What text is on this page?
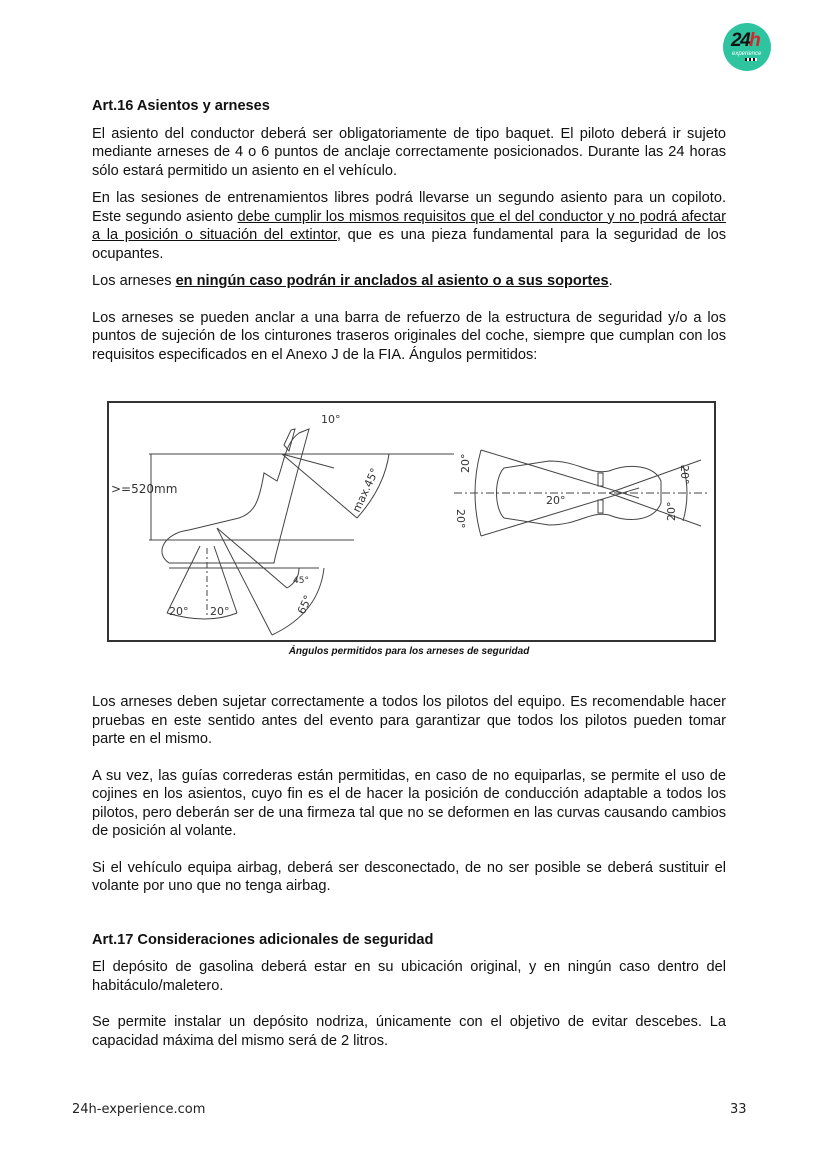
24h
experience
Art.16 Asientos y arneses

El asiento del conductor deberá ser obligatoriamente de tipo baquet. El piloto deberá ir sujeto mediante arneses de 4 o 6 puntos de anclaje correctamente posicionados. Durante las 24 horas sólo estará permitido un asiento en el vehículo.

En las sesiones de entrenamientos libres podrá llevarse un segundo asiento para un copiloto. Este segundo asiento debe cumplir los mismos requisitos que el del conductor y no podrá afectar a la posición o situación del extintor, que es una pieza fundamental para la seguridad de los ocupantes.

Los arneses en ningún caso podrán ir anclados al asiento o a sus soportes.

Los arneses se pueden anclar a una barra de refuerzo de la estructura de seguridad y/o a los puntos de sujeción de los cinturones traseros originales del coche, siempre que cumplan con los requisitos especificados en el Anexo J de la FIA. Ángulos permitidos:

10°
>=520mm	max.45°
20° 20°
45°
65°
20°
20°
20°
20°
20°
Ángulos permitidos para los arneses de seguridad

Los arneses deben sujetar correctamente a todos los pilotos del equipo. Es recomendable hacer pruebas en este sentido antes del evento para garantizar que todos los pilotos pueden tomar parte en el mismo.

A su vez, las guías correderas están permitidas, en caso de no equiparlas, se permite el uso de cojines en los asientos, cuyo fin es el de hacer la posición de conducción adaptable a todos los pilotos, pero deberán ser de una firmeza tal que no se deformen en las curvas causando cambios de posición al volante.

Si el vehículo equipa airbag, deberá ser desconectado, de no ser posible se deberá sustituir el volante por uno que no tenga airbag.

Art.17 Consideraciones adicionales de seguridad

El depósito de gasolina deberá estar en su ubicación original, y en ningún caso dentro del habitáculo/maletero.

Se permite instalar un depósito nodriza, únicamente con el objetivo de evitar descebes. La capacidad máxima del mismo será de 2 litros.

24h-experience.com	33
